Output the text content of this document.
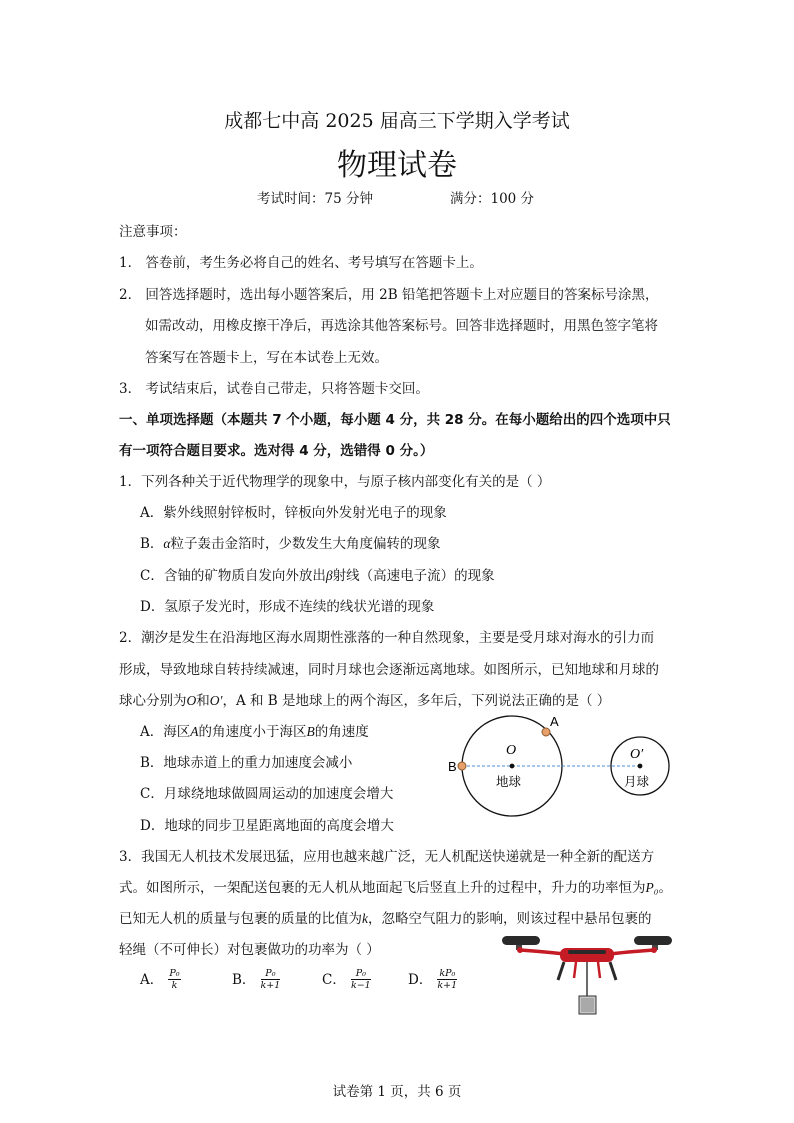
成都七中高 2025 届高三下学期入学考试
物理试卷
考试时间：75 分钟	满分：100 分
注意事项：
1． 答卷前，考生务必将自己的姓名、考号填写在答题卡上。
2． 回答选择题时，选出每小题答案后，用 2B 铅笔把答题卡上对应题目的答案标号涂黑，
如需改动，用橡皮擦干净后，再选涂其他答案标号。回答非选择题时，用黑色签字笔将
答案写在答题卡上，写在本试卷上无效。
3． 考试结束后，试卷自己带走，只将答题卡交回。
一、单项选择题（本题共 7 个小题，每小题 4 分，共 28 分。在每小题给出的四个选项中只
有一项符合题目要求。选对得 4 分，选错得 0 分。）
1．下列各种关于近代物理学的现象中，与原子核内部变化有关的是（ ）
A．紫外线照射锌板时，锌板向外发射光电子的现象
B．α粒子轰击金箔时，少数发生大角度偏转的现象
C．含铀的矿物质自发向外放出β射线（高速电子流）的现象
D．氢原子发光时，形成不连续的线状光谱的现象
2．潮汐是发生在沿海地区海水周期性涨落的一种自然现象，主要是受月球对海水的引力而
形成，导致地球自转持续减速，同时月球也会逐渐远离地球。如图所示，已知地球和月球的
球心分别为O和O′，A 和 B 是地球上的两个海区，多年后，下列说法正确的是（ ）
A．海区A的角速度小于海区B的角速度
B．地球赤道上的重力加速度会减小
C．月球绕地球做圆周运动的加速度会增大
D．地球的同步卫星距离地面的高度会增大
A
B
O	O′
地球	月球
3．我国无人机技术发展迅猛，应用也越来越广泛，无人机配送快递就是一种全新的配送方
式。如图所示，一架配送包裹的无人机从地面起飞后竖直上升的过程中，升力的功率恒为P₀。
已知无人机的质量与包裹的质量的比值为k，忽略空气阻力的影响，则该过程中悬吊包裹的
轻绳（不可伸长）对包裹做功的功率为（ ）
A． $\frac{\text{P₀}}{k}$	B． $\frac{\text{P₀}}{k+1}$	C． $\frac{\text{P₀}}{k-1}$	D． $\frac{\text{kP₀}}{k+1}$
试卷第 1 页，共 6 页
